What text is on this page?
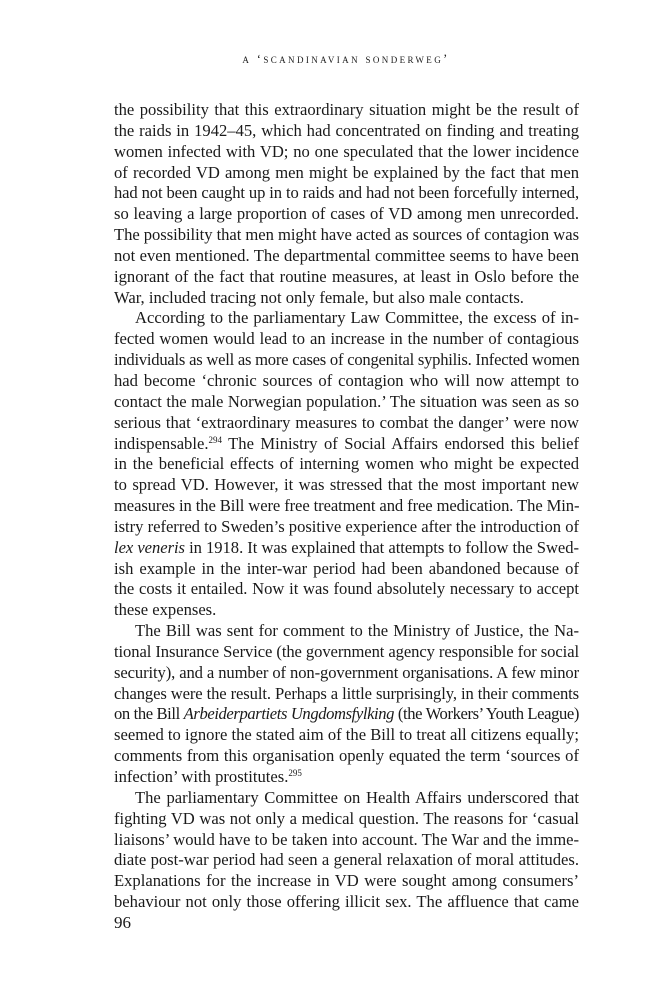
a ‘scandinavian sonderweg’

the possibility that this extraordinary situation might be the result of
the raids in 1942–45, which had concentrated on finding and treating
women infected with VD; no one speculated that the lower incidence
of recorded VD among men might be explained by the fact that men
had not been caught up in to raids and had not been forcefully interned,
so leaving a large proportion of cases of VD among men unrecorded.
The possibility that men might have acted as sources of contagion was
not even mentioned. The departmental committee seems to have been
ignorant of the fact that routine measures, at least in Oslo before the
War, included tracing not only female, but also male contacts.

According to the parliamentary Law Committee, the excess of in-
fected women would lead to an increase in the number of contagious
individuals as well as more cases of congenital syphilis. Infected women
had become ‘chronic sources of contagion who will now attempt to
contact the male Norwegian population.’ The situation was seen as so
serious that ‘extraordinary measures to combat the danger’ were now
indispensable.$^{294}$ The Ministry of Social Affairs endorsed this belief
in the beneficial effects of interning women who might be expected
to spread VD. However, it was stressed that the most important new
measures in the Bill were free treatment and free medication. The Min-
istry referred to Sweden’s positive experience after the introduction of
lex veneris in 1918. It was explained that attempts to follow the Swed-
ish example in the inter-war period had been abandoned because of
the costs it entailed. Now it was found absolutely necessary to accept
these expenses.

The Bill was sent for comment to the Ministry of Justice, the Na-
tional Insurance Service (the government agency responsible for social
security), and a number of non-government organisations. A few minor
changes were the result. Perhaps a little surprisingly, in their comments
on the Bill Arbeiderpartiets Ungdomsfylking (the Workers’ Youth League)
seemed to ignore the stated aim of the Bill to treat all citizens equally;
comments from this organisation openly equated the term ‘sources of
infection’ with prostitutes.$^{295}$

The parliamentary Committee on Health Affairs underscored that
fighting VD was not only a medical question. The reasons for ‘casual
liaisons’ would have to be taken into account. The War and the imme-
diate post-war period had seen a general relaxation of moral attitudes.
Explanations for the increase in VD were sought among consumers’
behaviour not only those offering illicit sex. The affluence that came

96
